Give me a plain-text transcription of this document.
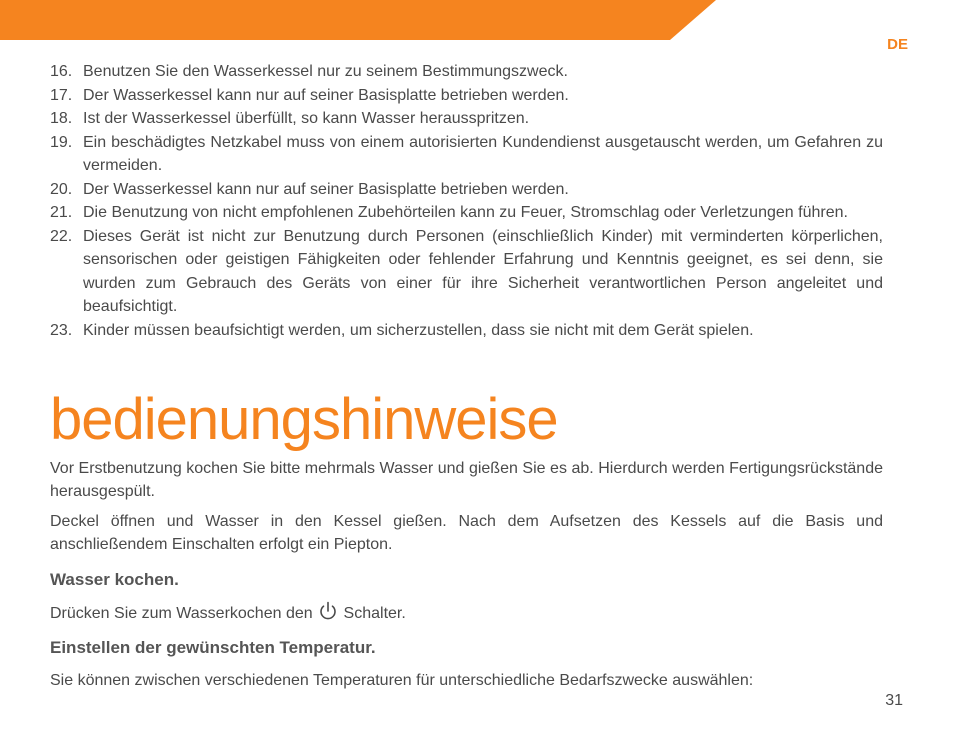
DE
16. Benutzen Sie den Wasserkessel nur zu seinem Bestimmungszweck.
17. Der Wasserkessel kann nur auf seiner Basisplatte betrieben werden.
18. Ist der Wasserkessel überfüllt, so kann Wasser herausspritzen.
19. Ein beschädigtes Netzkabel muss von einem autorisierten Kundendienst ausgetauscht werden, um Gefahren zu vermeiden.
20. Der Wasserkessel kann nur auf seiner Basisplatte betrieben werden.
21. Die Benutzung von nicht empfohlenen Zubehörteilen kann zu Feuer, Stromschlag oder Verletzungen führen.
22. Dieses Gerät ist nicht zur Benutzung durch Personen (einschließlich Kinder) mit verminderten körperlichen, sensorischen oder geistigen Fähigkeiten oder fehlender Erfahrung und Kenntnis geeignet, es sei denn, sie wurden zum Gebrauch des Geräts von einer für ihre Sicherheit verantwortlichen Person angeleitet und beaufsichtigt.
23. Kinder müssen beaufsichtigt werden, um sicherzustellen, dass sie nicht mit dem Gerät spielen.
bedienungshinweise

Vor Erstbenutzung kochen Sie bitte mehrmals Wasser und gießen Sie es ab. Hierdurch werden Fertigungsrückstände herausgespült.

Deckel öffnen und Wasser in den Kessel gießen. Nach dem Aufsetzen des Kessels auf die Basis und anschließendem Einschalten erfolgt ein Piepton.

Wasser kochen.

Drücken Sie zum Wasserkochen den Schalter.

Einstellen der gewünschten Temperatur.

Sie können zwischen verschiedenen Temperaturen für unterschiedliche Bedarfszwecke auswählen:

31
